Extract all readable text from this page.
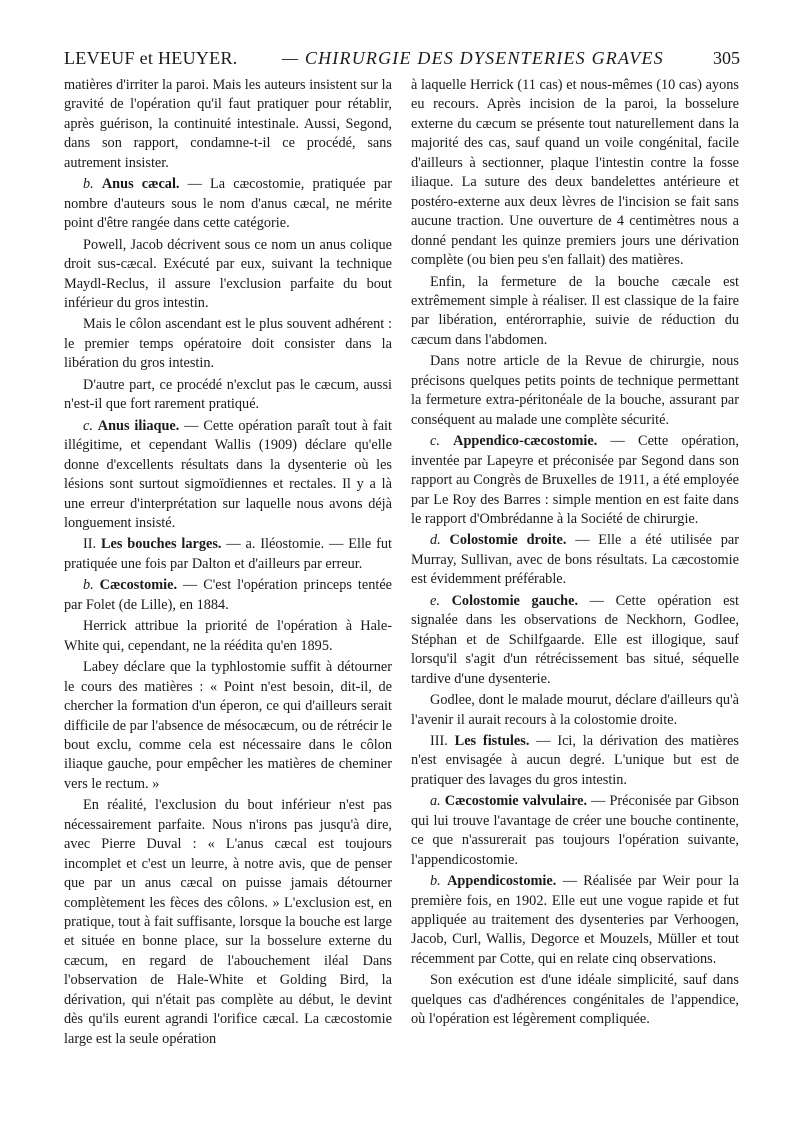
LEVEUF et HEUYER. — CHIRURGIE DES DYSENTERIES GRAVES	305

matières d'irriter la paroi. Mais les auteurs insistent sur la gravité de l'opération qu'il faut pratiquer pour rétablir, après guérison, la continuité intestinale. Aussi, Segond, dans son rapport, condamne-t-il ce procédé, sans autrement insister.

b. Anus cæcal. — La cæcostomie, pratiquée par nombre d'auteurs sous le nom d'anus cæcal, ne mérite point d'être rangée dans cette catégorie.

Powell, Jacob décrivent sous ce nom un anus colique droit sus-cæcal. Exécuté par eux, suivant la technique Maydl-Reclus, il assure l'exclusion parfaite du bout inférieur du gros intestin.

Mais le côlon ascendant est le plus souvent adhérent : le premier temps opératoire doit consister dans la libération du gros intestin.

D'autre part, ce procédé n'exclut pas le cæcum, aussi n'est-il que fort rarement pratiqué.

c. Anus iliaque. — Cette opération paraît tout à fait illégitime, et cependant Wallis (1909) déclare qu'elle donne d'excellents résultats dans la dysenterie où les lésions sont surtout sigmoïdiennes et rectales. Il y a là une erreur d'interprétation sur laquelle nous avons déjà longuement insisté.

II. Les bouches larges. — a. Iléostomie. — Elle fut pratiquée une fois par Dalton et d'ailleurs par erreur.

b. Cæcostomie. — C'est l'opération princeps tentée par Folet (de Lille), en 1884.

Herrick attribue la priorité de l'opération à Hale-White qui, cependant, ne la réédita qu'en 1895.

Labey déclare que la typhlostomie suffit à détourner le cours des matières : « Point n'est besoin, dit-il, de chercher la formation d'un éperon, ce qui d'ailleurs serait difficile de par l'absence de mésocæcum, ou de rétrécir le bout exclu, comme cela est nécessaire dans le côlon iliaque gauche, pour empêcher les matières de cheminer vers le rectum. »

En réalité, l'exclusion du bout inférieur n'est pas nécessairement parfaite. Nous n'irons pas jusqu'à dire, avec Pierre Duval : « L'anus cæcal est toujours incomplet et c'est un leurre, à notre avis, que de penser que par un anus cæcal on puisse jamais détourner complètement les fèces des côlons. » L'exclusion est, en pratique, tout à fait suffisante, lorsque la bouche est large et située en bonne place, sur la bosselure externe du cæcum, en regard de l'abouchement iléal Dans l'observation de Hale-White et Golding Bird, la dérivation, qui n'était pas complète au début, le devint dès qu'ils eurent agrandi l'orifice cæcal. La cæcostomie large est la seule opération

à laquelle Herrick (11 cas) et nous-mêmes (10 cas) ayons eu recours. Après incision de la paroi, la bosselure externe du cæcum se présente tout naturellement dans la majorité des cas, sauf quand un voile congénital, facile d'ailleurs à sectionner, plaque l'intestin contre la fosse iliaque. La suture des deux bandelettes antérieure et postéro-externe aux deux lèvres de l'incision se fait sans aucune traction. Une ouverture de 4 centimètres nous a donné pendant les quinze premiers jours une dérivation complète (ou bien peu s'en fallait) des matières.

Enfin, la fermeture de la bouche cæcale est extrêmement simple à réaliser. Il est classique de la faire par libération, entérorraphie, suivie de réduction du cæcum dans l'abdomen.

Dans notre article de la Revue de chirurgie, nous précisons quelques petits points de technique permettant la fermeture extra-péritonéale de la bouche, assurant par conséquent au malade une complète sécurité.

c. Appendico-cæcostomie. — Cette opération, inventée par Lapeyre et préconisée par Segond dans son rapport au Congrès de Bruxelles de 1911, a été employée par Le Roy des Barres : simple mention en est faite dans le rapport d'Ombrédanne à la Société de chirurgie.

d. Colostomie droite. — Elle a été utilisée par Murray, Sullivan, avec de bons résultats. La cæcostomie est évidemment préférable.

e. Colostomie gauche. — Cette opération est signalée dans les observations de Neckhorn, Godlee, Stéphan et de Schilfgaarde. Elle est illogique, sauf lorsqu'il s'agit d'un rétrécissement bas situé, séquelle tardive d'une dysenterie.

Godlee, dont le malade mourut, déclare d'ailleurs qu'à l'avenir il aurait recours à la colostomie droite.

III. Les fistules. — Ici, la dérivation des matières n'est envisagée à aucun degré. L'unique but est de pratiquer des lavages du gros intestin.

a. Cæcostomie valvulaire. — Préconisée par Gibson qui lui trouve l'avantage de créer une bouche continente, ce que n'assurerait pas toujours l'opération suivante, l'appendicostomie.

b. Appendicostomie. — Réalisée par Weir pour la première fois, en 1902. Elle eut une vogue rapide et fut appliquée au traitement des dysenteries par Verhoogen, Jacob, Curl, Wallis, Degorce et Mouzels, Müller et tout récemment par Cotte, qui en relate cinq observations.

Son exécution est d'une idéale simplicité, sauf dans quelques cas d'adhérences congénitales de l'appendice, où l'opération est légèrement compliquée.
